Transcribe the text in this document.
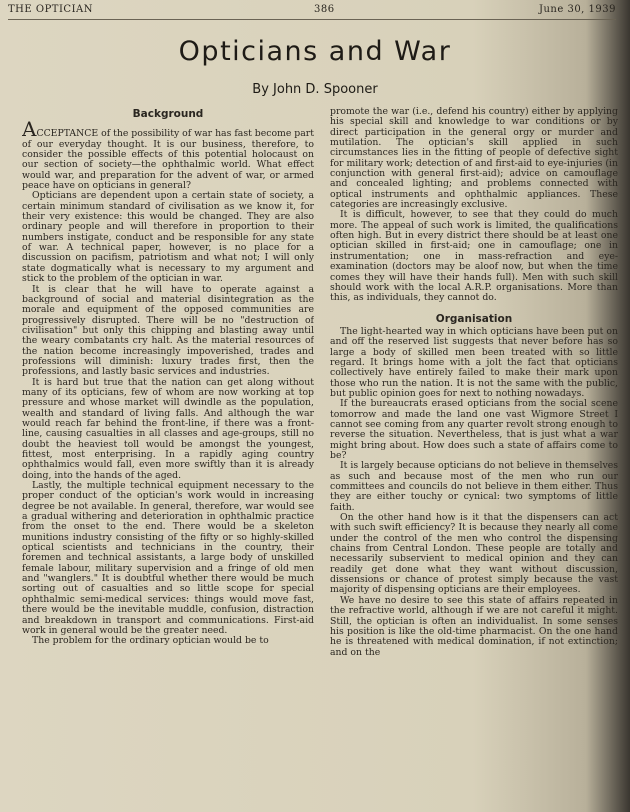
THE OPTICIAN	386	June 30, 1939
Opticians and War
By John D. Spooner
Background

ACCEPTANCE of the possibility of war has fast become part of our everyday thought. It is our business, therefore, to consider the possible effects of this potential holocaust on our section of society—the ophthalmic world. What effect would war, and preparation for the advent of war, or armed peace have on opticians in general?

Opticians are dependent upon a certain state of society, a certain minimum standard of civilisation as we know it, for their very existence: this would be changed. They are also ordinary people and will therefore in proportion to their numbers instigate, conduct and be responsible for any state of war. A technical paper, however, is no place for a discussion on pacifism, patriotism and what not; I will only state dogmatically what is necessary to my argument and stick to the problem of the optician in war.

It is clear that he will have to operate against a background of social and material disintegration as the morale and equipment of the opposed communities are progressively disrupted. There will be no "destruction of civilisation" but only this chipping and blasting away until the weary combatants cry halt. As the material resources of the nation become increasingly impoverished, trades and professions will diminish: luxury trades first, then the professions, and lastly basic services and industries.

It is hard but true that the nation can get along without many of its opticians, few of whom are now working at top pressure and whose market will dwindle as the population, wealth and standard of living falls. And although the war would reach far behind the front-line, if there was a front-line, causing casualties in all classes and age-groups, still no doubt the heaviest toll would be amongst the youngest, fittest, most enterprising. In a rapidly aging country ophthalmics would fall, even more swiftly than it is already doing, into the hands of the aged.

Lastly, the multiple technical equipment necessary to the proper conduct of the optician's work would in increasing degree be not available. In general, therefore, war would see a gradual withering and deterioration in ophthalmic practice from the onset to the end. There would be a skeleton munitions industry consisting of the fifty or so highly-skilled optical scientists and technicians in the country, their foremen and technical assistants, a large body of unskilled female labour, military supervision and a fringe of old men and "wanglers." It is doubtful whether there would be much sorting out of casualties and so little scope for special ophthalmic semi-medical services: things would move fast, there would be the inevitable muddle, confusion, distraction and breakdown in transport and communications. First-aid work in general would be the greater need.

The problem for the ordinary optician would be to

promote the war (i.e., defend his country) either by applying his special skill and knowledge to war conditions or by direct participation in the general orgy or murder and mutilation. The optician's skill applied in such circumstances lies in the fitting of people of defective sight for military work; detection of and first-aid to eye-injuries (in conjunction with general first-aid); advice on camouflage and concealed lighting; and problems connected with optical instruments and ophthalmic appliances. These categories are increasingly exclusive.

It is difficult, however, to see that they could do much more. The appeal of such work is limited, the qualifications often high. But in every district there should be at least one optician skilled in first-aid; one in camouflage; one in instrumentation; one in mass-refraction and eye-examination (doctors may be aloof now, but when the time comes they will have their hands full). Men with such skill should work with the local A.R.P. organisations. More than this, as individuals, they cannot do.

Organisation

The light-hearted way in which opticians have been put on and off the reserved list suggests that never before has so large a body of skilled men been treated with so little regard. It brings home with a jolt the fact that opticians collectively have entirely failed to make their mark upon those who run the nation. It is not the same with the public, but public opinion goes for next to nothing nowadays.

If the bureaucrats erased opticians from the social scene tomorrow and made the land one vast Wigmore Street I cannot see coming from any quarter revolt strong enough to reverse the situation. Nevertheless, that is just what a war might bring about. How does such a state of affairs come to be?

It is largely because opticians do not believe in themselves as such and because most of the men who run our committees and councils do not believe in them either. Thus they are either touchy or cynical: two symptoms of little faith.

On the other hand how is it that the dispensers can act with such swift efficiency? It is because they nearly all come under the control of the men who control the dispensing chains from Central London. These people are totally and necessarily subservient to medical opinion and they can readily get done what they want without discussion, dissensions or chance of protest simply because the vast majority of dispensing opticians are their employees.

We have no desire to see this state of affairs repeated in the refractive world, although if we are not careful it might. Still, the optician is often an individualist. In some senses his position is like the old-time pharmacist. On the one hand he is threatened with medical domination, if not extinction; and on the
